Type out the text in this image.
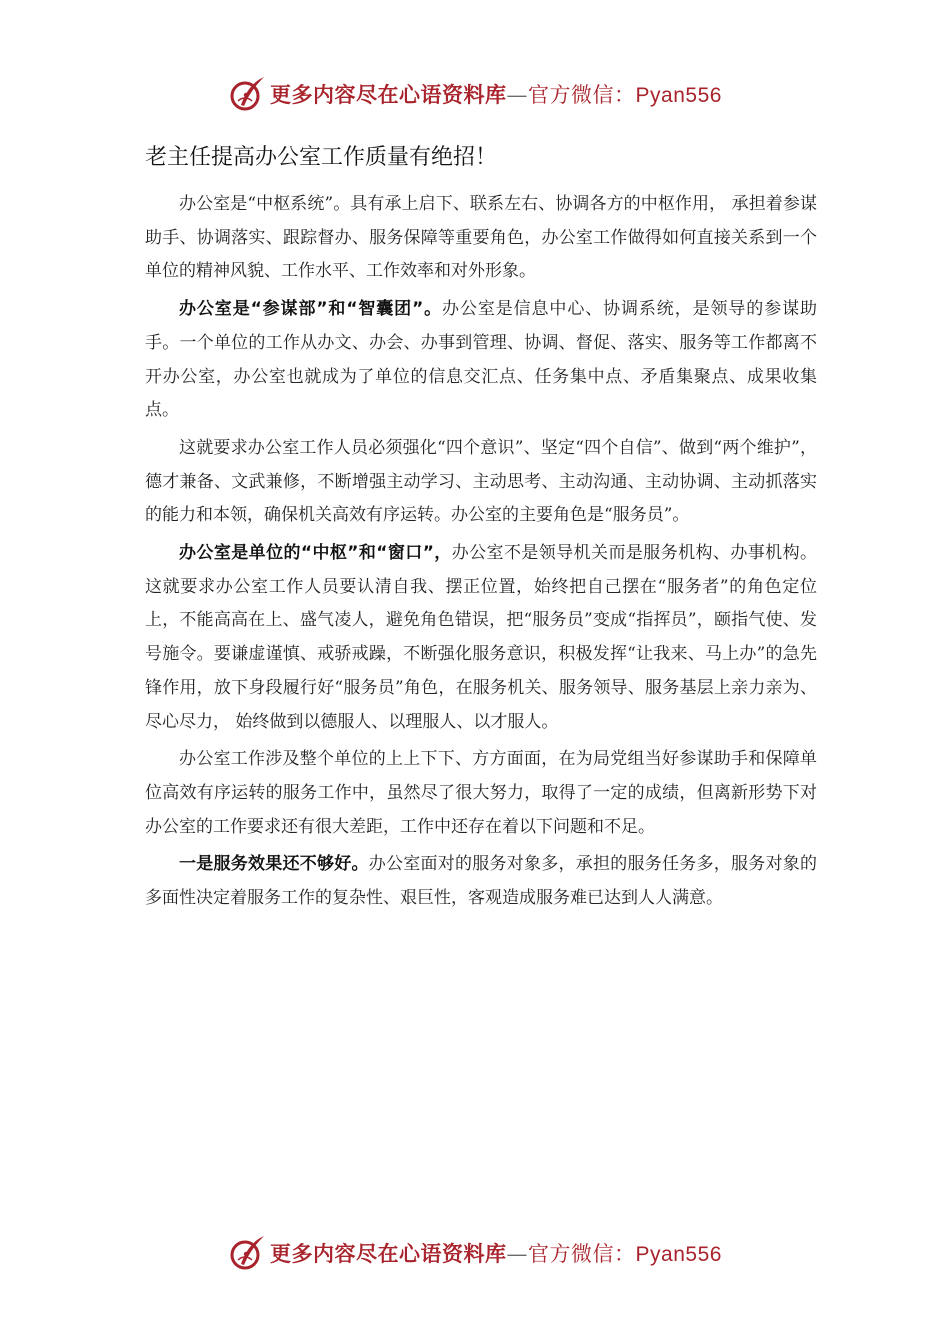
更多内容尽在心语资料库—官方微信：Pyan556
老主任提高办公室工作质量有绝招！

办公室是“中枢系统”。具有承上启下、联系左右、协调各方的中枢作用， 承担着参谋助手、协调落实、跟踪督办、服务保障等重要角色，办公室工作做得如何直接关系到一个单位的精神风貌、工作水平、工作效率和对外形象。

办公室是“参谋部”和“智囊团”。办公室是信息中心、协调系统，是领导的参谋助手。一个单位的工作从办文、办会、办事到管理、协调、督促、落实、服务等工作都离不开办公室，办公室也就成为了单位的信息交汇点、任务集中点、矛盾集聚点、成果收集点。

这就要求办公室工作人员必须强化“四个意识”、坚定“四个自信”、做到“两个维护”，德才兼备、文武兼修，不断增强主动学习、主动思考、主动沟通、主动协调、主动抓落实的能力和本领，确保机关高效有序运转。办公室的主要角色是“服务员”。

办公室是单位的“中枢”和“窗口”，办公室不是领导机关而是服务机构、办事机构。这就要求办公室工作人员要认清自我、摆正位置，始终把自己摆在“服务者”的角色定位上，不能高高在上、盛气凌人，避免角色错误，把“服务员”变成“指挥员”，颐指气使、发号施令。要谦虚谨慎、戒骄戒躁，不断强化服务意识，积极发挥“让我来、马上办”的急先锋作用，放下身段履行好“服务员”角色，在服务机关、服务领导、服务基层上亲力亲为、尽心尽力， 始终做到以德服人、以理服人、以才服人。

办公室工作涉及整个单位的上上下下、方方面面，在为局党组当好参谋助手和保障单位高效有序运转的服务工作中，虽然尽了很大努力，取得了一定的成绩，但离新形势下对办公室的工作要求还有很大差距，工作中还存在着以下问题和不足。

一是服务效果还不够好。办公室面对的服务对象多，承担的服务任务多，服务对象的多面性决定着服务工作的复杂性、艰巨性，客观造成服务难已达到人人满意。

更多内容尽在心语资料库—官方微信：Pyan556
